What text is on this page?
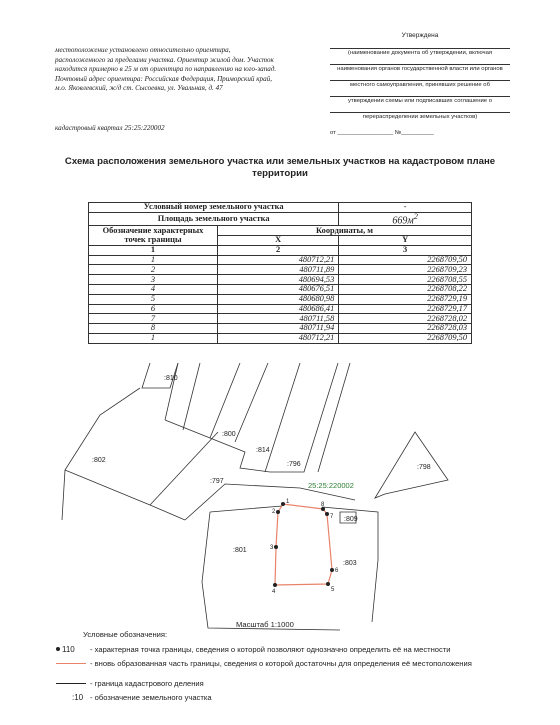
местоположение установлено относительно ориентира,
расположенного за пределами участка. Ориентир жилой дом. Участок
находится примерно в 25 м от ориентира по направлению на юго-запад.
Почтовый адрес ориентира: Российская Федерация, Приморский край,
м.о. Яковлевский, ж/д ст. Сысоевка, ул. Увальная, д. 47
кадастровый квартал 25:25:220002
Утверждена
(наименование документа об утверждении, включая
наименования органов государственной власти или органов
местного самоуправления, принявших решение об
утверждении схемы или подписавших соглашение о
перераспределении земельных участков)
от _________________ №__________
Схема расположения земельного участка или земельных участков на кадастровом плане территории
Условный номер земельного участка		-
Площадь земельного участка		$669м^2$
Обозначение характерных точек границы	Координаты, м	
	X	Y
1	2	3
1	480712,21	2268709,50
2	480711,89	2268709,23
3	480694,53	2268708,55
4	480676,51	2268708,22
5	480680,98	2268729,19
6	480686,41	2268729,17
7	480711,58	2268728,02
8	480711,94	2268728,03
1	480712,21	2268709,50
1
2
3
4	5
6
7
8
:810
:800
:814
:796
:802
:797
:798
:801
:803
:809
25:25:220002
Масштаб 1:1000
Условные обозначения:
110 - характерная точка границы, сведения о которой позволяют однозначно определить её на местности
- вновь образованная часть границы, сведения о которой достаточны для определения её местоположения
- граница кадастрового деления
:10 - обозначение земельного участка
